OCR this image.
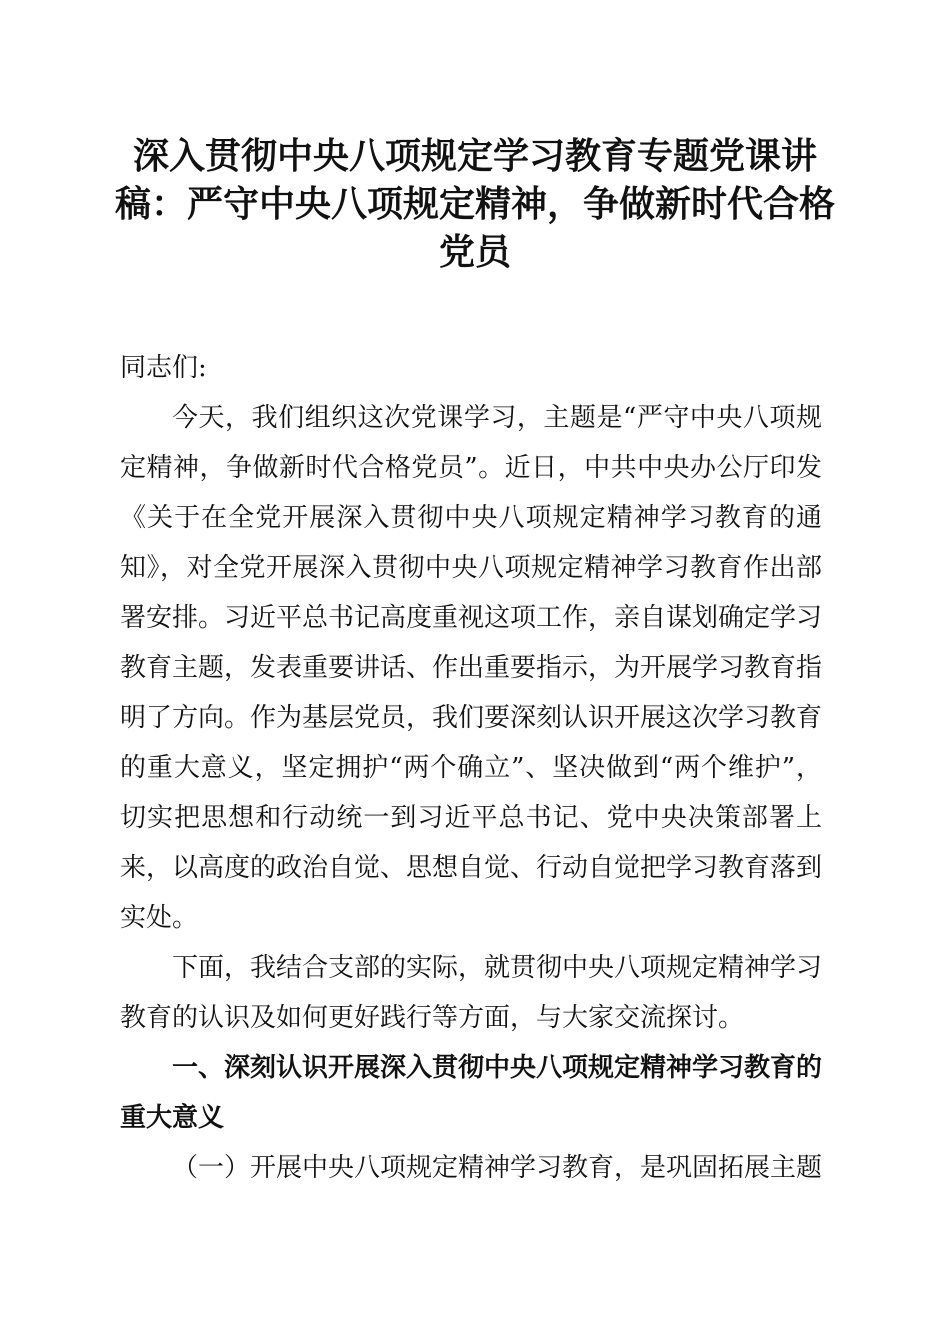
深入贯彻中央八项规定学习教育专题党课讲稿：严守中央八项规定精神，争做新时代合格党员

同志们:

今天，我们组织这次党课学习，主题是“严守中央八项规定精神，争做新时代合格党员”。近日，中共中央办公厅印发《关于在全党开展深入贯彻中央八项规定精神学习教育的通知》，对全党开展深入贯彻中央八项规定精神学习教育作出部署安排。习近平总书记高度重视这项工作，亲自谋划确定学习教育主题，发表重要讲话、作出重要指示，为开展学习教育指明了方向。作为基层党员，我们要深刻认识开展这次学习教育的重大意义，坚定拥护“两个确立”、坚决做到“两个维护”，切实把思想和行动统一到习近平总书记、党中央决策部署上来，以高度的政治自觉、思想自觉、行动自觉把学习教育落到实处。

下面，我结合支部的实际，就贯彻中央八项规定精神学习教育的认识及如何更好践行等方面，与大家交流探讨。

一、深刻认识开展深入贯彻中央八项规定精神学习教育的重大意义

（一）开展中央八项规定精神学习教育，是巩固拓展主题
